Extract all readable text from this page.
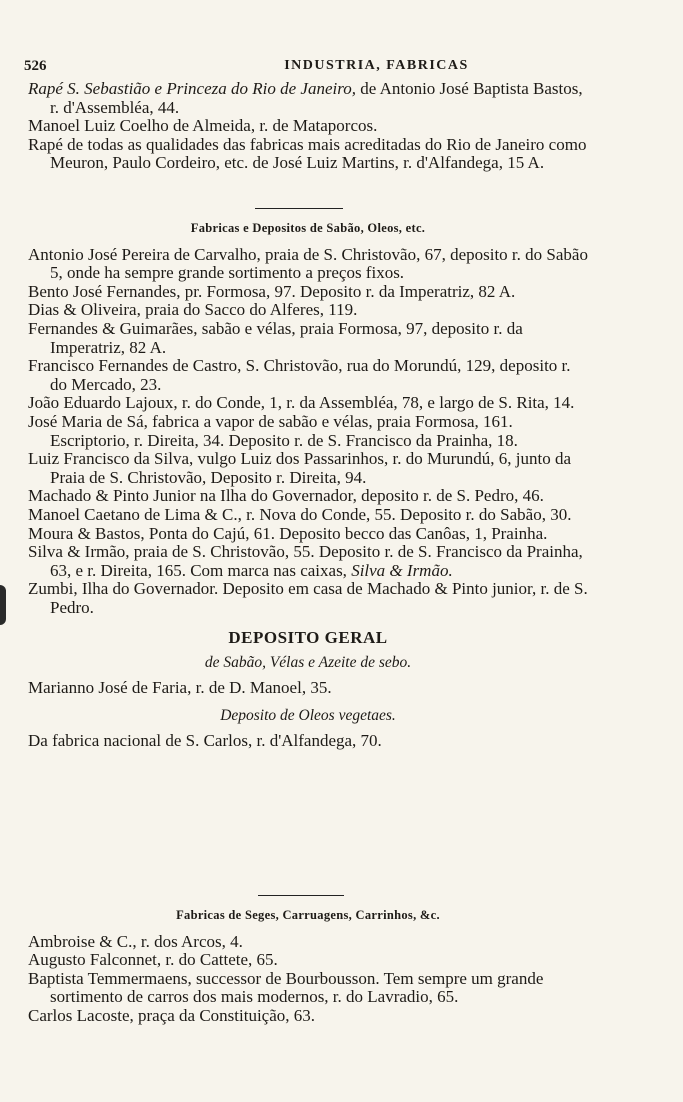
526	INDUSTRIA, FABRICAS

Rapé S. Sebastião e Princeza do Rio de Janeiro, de Antonio José Baptista Bastos, r. d'Assembléa, 44.

Manoel Luiz Coelho de Almeida, r. de Mataporcos.

Rapé de todas as qualidades das fabricas mais acreditadas do Rio de Janeiro como Meuron, Paulo Cordeiro, etc. de José Luiz Martins, r. d'Alfandega, 15 A.

Fabricas e Depositos de Sabão, Oleos, etc.

Antonio José Pereira de Carvalho, praia de S. Christovão, 67, deposito r. do Sabão 5, onde ha sempre grande sortimento a preços fixos.

Bento José Fernandes, pr. Formosa, 97. Deposito r. da Imperatriz, 82 A.

Dias & Oliveira, praia do Sacco do Alferes, 119.

Fernandes & Guimarães, sabão e vélas, praia Formosa, 97, deposito r. da Imperatriz, 82 A.

Francisco Fernandes de Castro, S. Christovão, rua do Morundú, 129, deposito r. do Mercado, 23.

João Eduardo Lajoux, r. do Conde, 1, r. da Assembléa, 78, e largo de S. Rita, 14.

José Maria de Sá, fabrica a vapor de sabão e vélas, praia Formosa, 161. Escriptorio, r. Direita, 34. Deposito r. de S. Francisco da Prainha, 18.

Luiz Francisco da Silva, vulgo Luiz dos Passarinhos, r. do Murundú, 6, junto da Praia de S. Christovão, Deposito r. Direita, 94.

Machado & Pinto Junior na Ilha do Governador, deposito r. de S. Pedro, 46.

Manoel Caetano de Lima & C., r. Nova do Conde, 55. Deposito r. do Sabão, 30.

Moura & Bastos, Ponta do Cajú, 61. Deposito becco das Canôas, 1, Prainha.

Silva & Irmão, praia de S. Christovão, 55. Deposito r. de S. Francisco da Prainha, 63, e r. Direita, 165. Com marca nas caixas, Silva & Irmão.

Zumbi, Ilha do Governador. Deposito em casa de Machado & Pinto junior, r. de S. Pedro.

DEPOSITO GERAL

de Sabão, Vélas e Azeite de sebo.

Marianno José de Faria, r. de D. Manoel, 35.

Deposito de Oleos vegetaes.

Da fabrica nacional de S. Carlos, r. d'Alfandega, 70.

Fabricas de Seges, Carruagens, Carrinhos, &c.

Ambroise & C., r. dos Arcos, 4.

Augusto Falconnet, r. do Cattete, 65.

Baptista Temmermaens, successor de Bourbousson. Tem sempre um grande sortimento de carros dos mais modernos, r. do Lavradio, 65.

Carlos Lacoste, praça da Constituição, 63.
